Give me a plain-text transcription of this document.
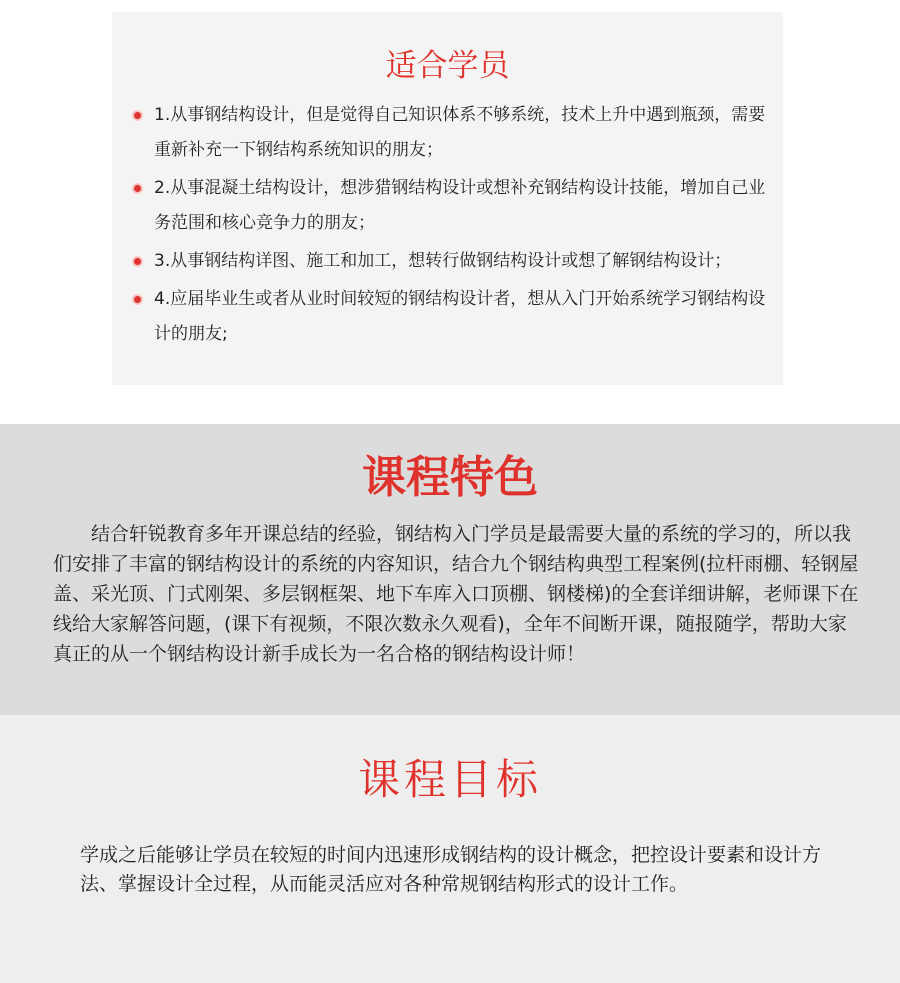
适合学员
1.从事钢结构设计，但是觉得自己知识体系不够系统，技术上升中遇到瓶颈，需要重新补充一下钢结构系统知识的朋友；
2.从事混凝土结构设计，想涉猎钢结构设计或想补充钢结构设计技能，增加自己业务范围和核心竞争力的朋友；
3.从事钢结构详图、施工和加工，想转行做钢结构设计或想了解钢结构设计；
4.应届毕业生或者从业时间较短的钢结构设计者，想从入门开始系统学习钢结构设计的朋友;
课程特色

结合轩锐教育多年开课总结的经验，钢结构入门学员是最需要大量的系统的学习的，所以我们安排了丰富的钢结构设计的系统的内容知识，结合九个钢结构典型工程案例(拉杆雨棚、轻钢屋盖、采光顶、门式刚架、多层钢框架、地下车库入口顶棚、钢楼梯)的全套详细讲解，老师课下在线给大家解答问题，(课下有视频，不限次数永久观看)，全年不间断开课，随报随学，帮助大家真正的从一个钢结构设计新手成长为一名合格的钢结构设计师！

课程目标

学成之后能够让学员在较短的时间内迅速形成钢结构的设计概念，把控设计要素和设计方法、掌握设计全过程，从而能灵活应对各种常规钢结构形式的设计工作。
